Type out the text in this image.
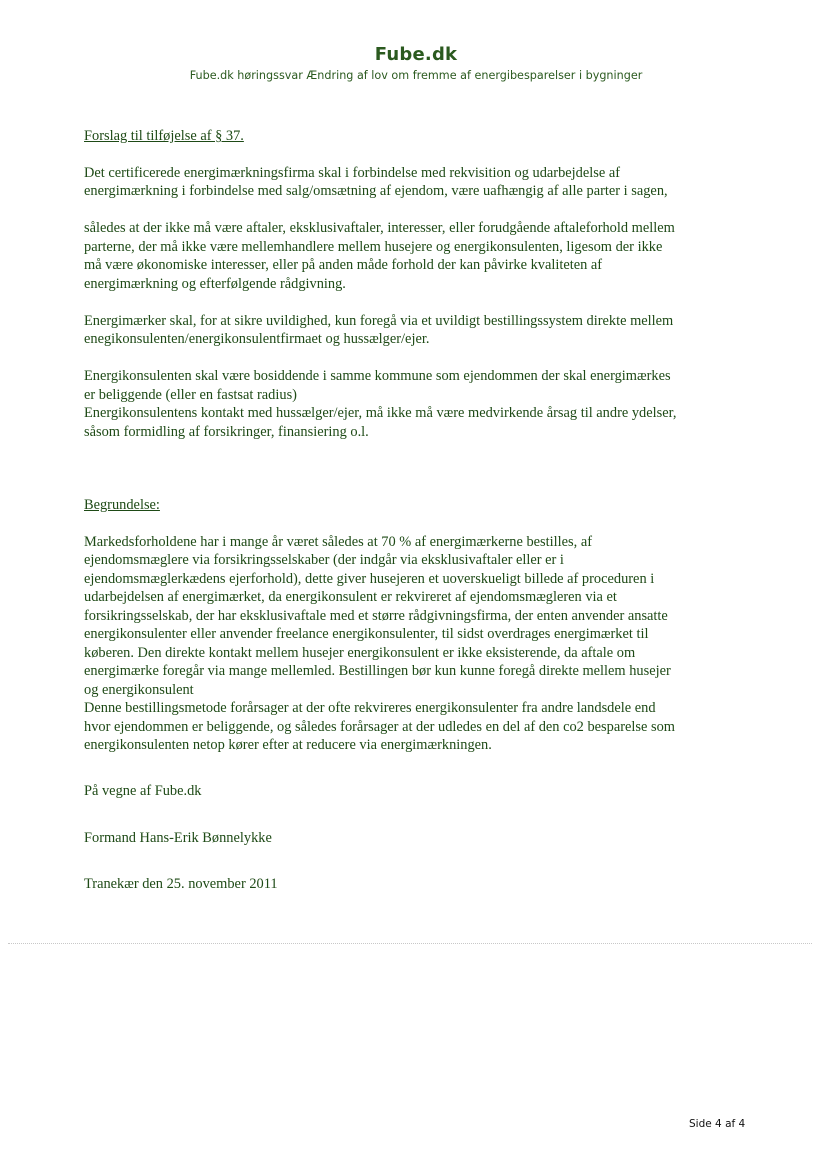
Fube.dk
Fube.dk høringssvar Ændring af lov om fremme af energibesparelser i bygninger

Forslag til tilføjelse af § 37.

Det certificerede energimærkningsfirma skal i forbindelse med rekvisition og udarbejdelse af
energimærkning i forbindelse med salg/omsætning af ejendom, være uafhængig af alle parter i sagen,

således at der ikke må være aftaler, eksklusivaftaler, interesser, eller forudgående aftaleforhold mellem
parterne, der må ikke være mellemhandlere mellem husejere og energikonsulenten, ligesom der ikke
må være økonomiske interesser, eller på anden måde forhold der kan påvirke kvaliteten af
energimærkning og efterfølgende rådgivning.

Energimærker skal, for at sikre uvildighed, kun foregå via et uvildigt bestillingssystem direkte mellem
enegikonsulenten/energikonsulentfirmaet og hussælger/ejer.

Energikonsulenten skal være bosiddende i samme kommune som ejendommen der skal energimærkes
er beliggende (eller en fastsat radius)
Energikonsulentens kontakt med hussælger/ejer, må ikke må være medvirkende årsag til andre ydelser,
såsom formidling af forsikringer, finansiering o.l.

Begrundelse:

Markedsforholdene har i mange år været således at 70 % af energimærkerne bestilles, af
ejendomsmæglere via forsikringsselskaber (der indgår via eksklusivaftaler eller er i
ejendomsmæglerkædens ejerforhold), dette giver husejeren et uoverskueligt billede af proceduren i
udarbejdelsen af energimærket, da energikonsulent er rekvireret af ejendomsmægleren via et
forsikringsselskab, der har eksklusivaftale med et større rådgivningsfirma, der enten anvender ansatte
energikonsulenter eller anvender freelance energikonsulenter, til sidst overdrages energimærket til
køberen. Den direkte kontakt mellem husejer energikonsulent er ikke eksisterende, da aftale om
energimærke foregår via mange mellemled. Bestillingen bør kun kunne foregå direkte mellem husejer
og energikonsulent
Denne bestillingsmetode forårsager at der ofte rekvireres energikonsulenter fra andre landsdele end
hvor ejendommen er beliggende, og således forårsager at der udledes en del af den co2 besparelse som
energikonsulenten netop kører efter at reducere via energimærkningen.

På vegne af Fube.dk

Formand Hans-Erik Bønnelykke

Tranekær den 25. november 2011

Side 4 af 4
